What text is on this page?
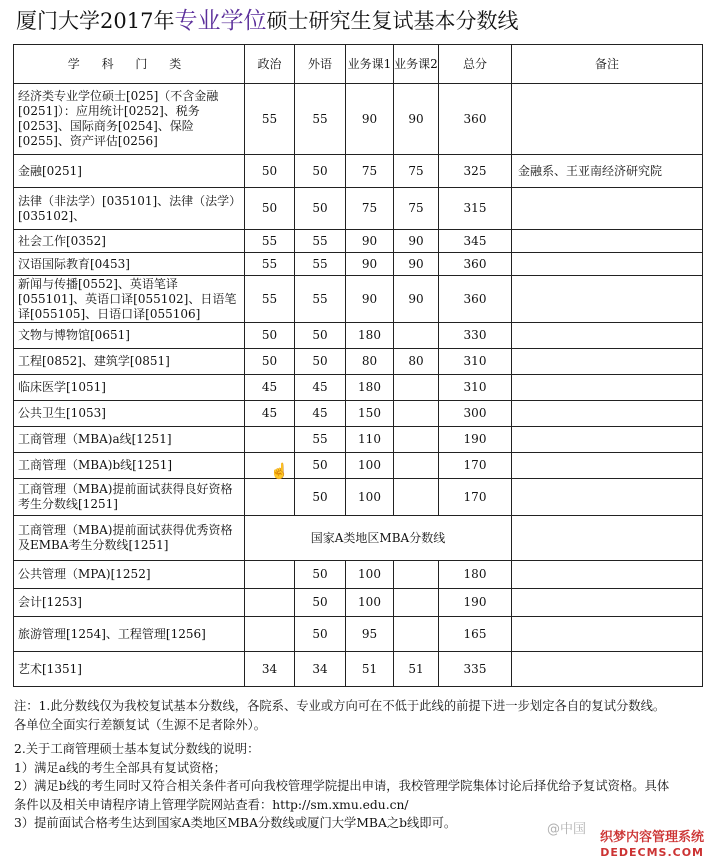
厦门大学2017年专业学位硕士研究生复试基本分数线
学 科 门 类	政治	外语	业务课1	业务课2	总分	备注
经济类专业学位硕士[025]（不含金融[0251]）：应用统计[0252]、税务[0253]、国际商务[0254]、保险[0255]、资产评估[0256]	55	55	90	90	360	
金融[0251]	50	50	75	75	325	金融系、王亚南经济研究院
法律（非法学）[035101]、法律（法学）[035102]、	50	50	75	75	315	
社会工作[0352]	55	55	90	90	345	
汉语国际教育[0453]	55	55	90	90	360	
新闻与传播[0552]、英语笔译[055101]、英语口译[055102]、日语笔译[055105]、日语口译[055106]	55	55	90	90	360	
文物与博物馆[0651]	50	50	180		330	
工程[0852]、建筑学[0851]	50	50	80	80	310	
临床医学[1051]	45	45	180		310	
公共卫生[1053]	45	45	150		300	
工商管理（MBA)a线[1251]		55	110		190	
工商管理（MBA)b线[1251]		50	100		170	
工商管理（MBA)提前面试获得良好资格考生分数线[1251]		50	100		170	
工商管理（MBA)提前面试获得优秀资格及EMBA考生分数线[1251]	国家A类地区MBA分数线					
公共管理（MPA)[1252]		50	100		180	
会计[1253]		50	100		190	
旅游管理[1254]、工程管理[1256]		50	95		165	
艺术[1351]	34	34	51	51	335	
☝

注：1.此分数线仅为我校复试基本分数线，各院系、专业或方向可在不低于此线的前提下进一步划定各自的复试分数线。

各单位全面实行差额复试（生源不足者除外）。

2.关于工商管理硕士基本复试分数线的说明：

1）满足a线的考生全部具有复试资格；

2）满足b线的考生同时又符合相关条件者可向我校管理学院提出申请，我校管理学院集体讨论后择优给予复试资格。具体

条件以及相关申请程序请上管理学院网站查看：http://sm.xmu.edu.cn/

3）提前面试合格考生达到国家A类地区MBA分数线或厦门大学MBA之b线即可。	@中国
织梦内容管理系统
DEDECMS.COM
